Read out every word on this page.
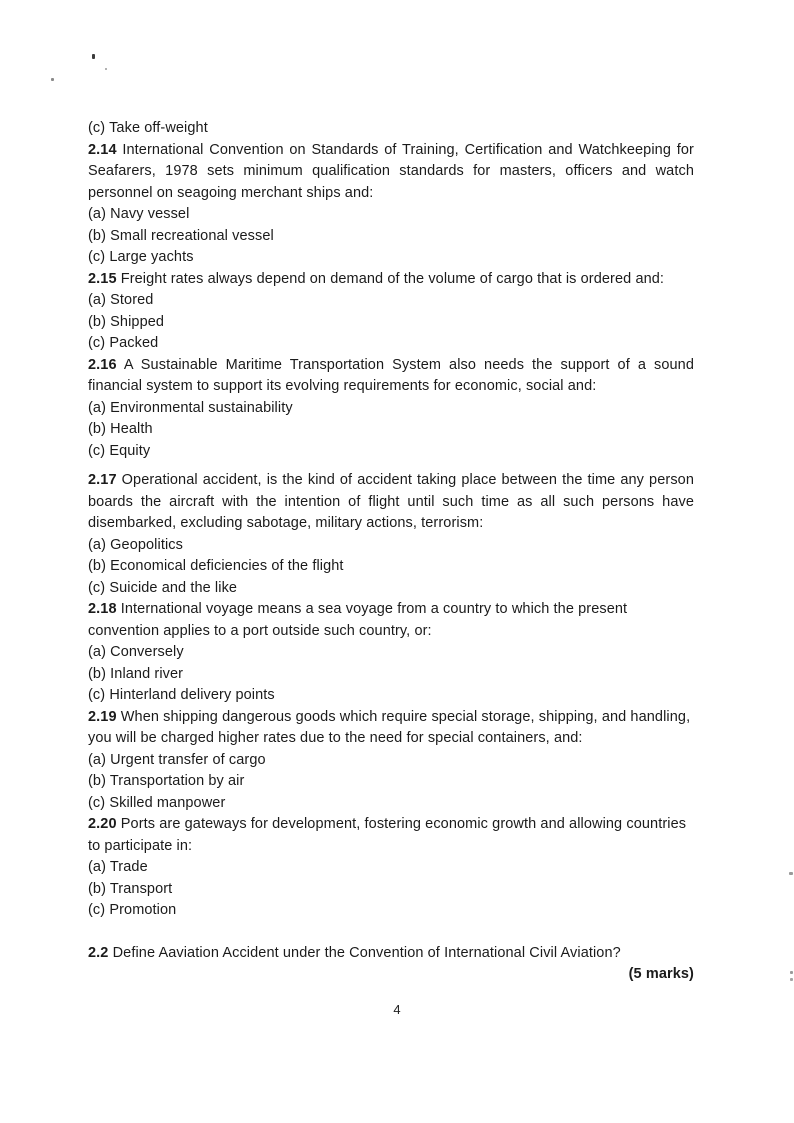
(c) Take off-weight

2.14 International Convention on Standards of Training, Certification and Watchkeeping for Seafarers, 1978 sets minimum qualification standards for masters, officers and watch personnel on seagoing merchant ships and:

(a) Navy vessel

(b) Small recreational vessel

(c) Large yachts

2.15 Freight rates always depend on demand of the volume of cargo that is ordered and:

(a) Stored

(b) Shipped

(c) Packed

2.16 A Sustainable Maritime Transportation System also needs the support of a sound financial system to support its evolving requirements for economic, social and:

(a) Environmental sustainability

(b) Health

(c) Equity

2.17 Operational accident, is the kind of accident taking place between the time any person boards the aircraft with the intention of flight until such time as all such persons have disembarked, excluding sabotage, military actions, terrorism:

(a) Geopolitics

(b) Economical deficiencies of the flight

(c) Suicide and the like

2.18 International voyage means a sea voyage from a country to which the present convention applies to a port outside such country, or:

(a) Conversely

(b) Inland river

(c) Hinterland delivery points

2.19 When shipping dangerous goods which require special storage, shipping, and handling, you will be charged higher rates due to the need for special containers, and:

(a) Urgent transfer of cargo

(b) Transportation by air

(c) Skilled manpower

2.20 Ports are gateways for development, fostering economic growth and allowing countries to participate in:

(a) Trade

(b) Transport

(c) Promotion

2.2 Define Aaviation Accident under the Convention of International Civil Aviation?

(5 marks)

4
